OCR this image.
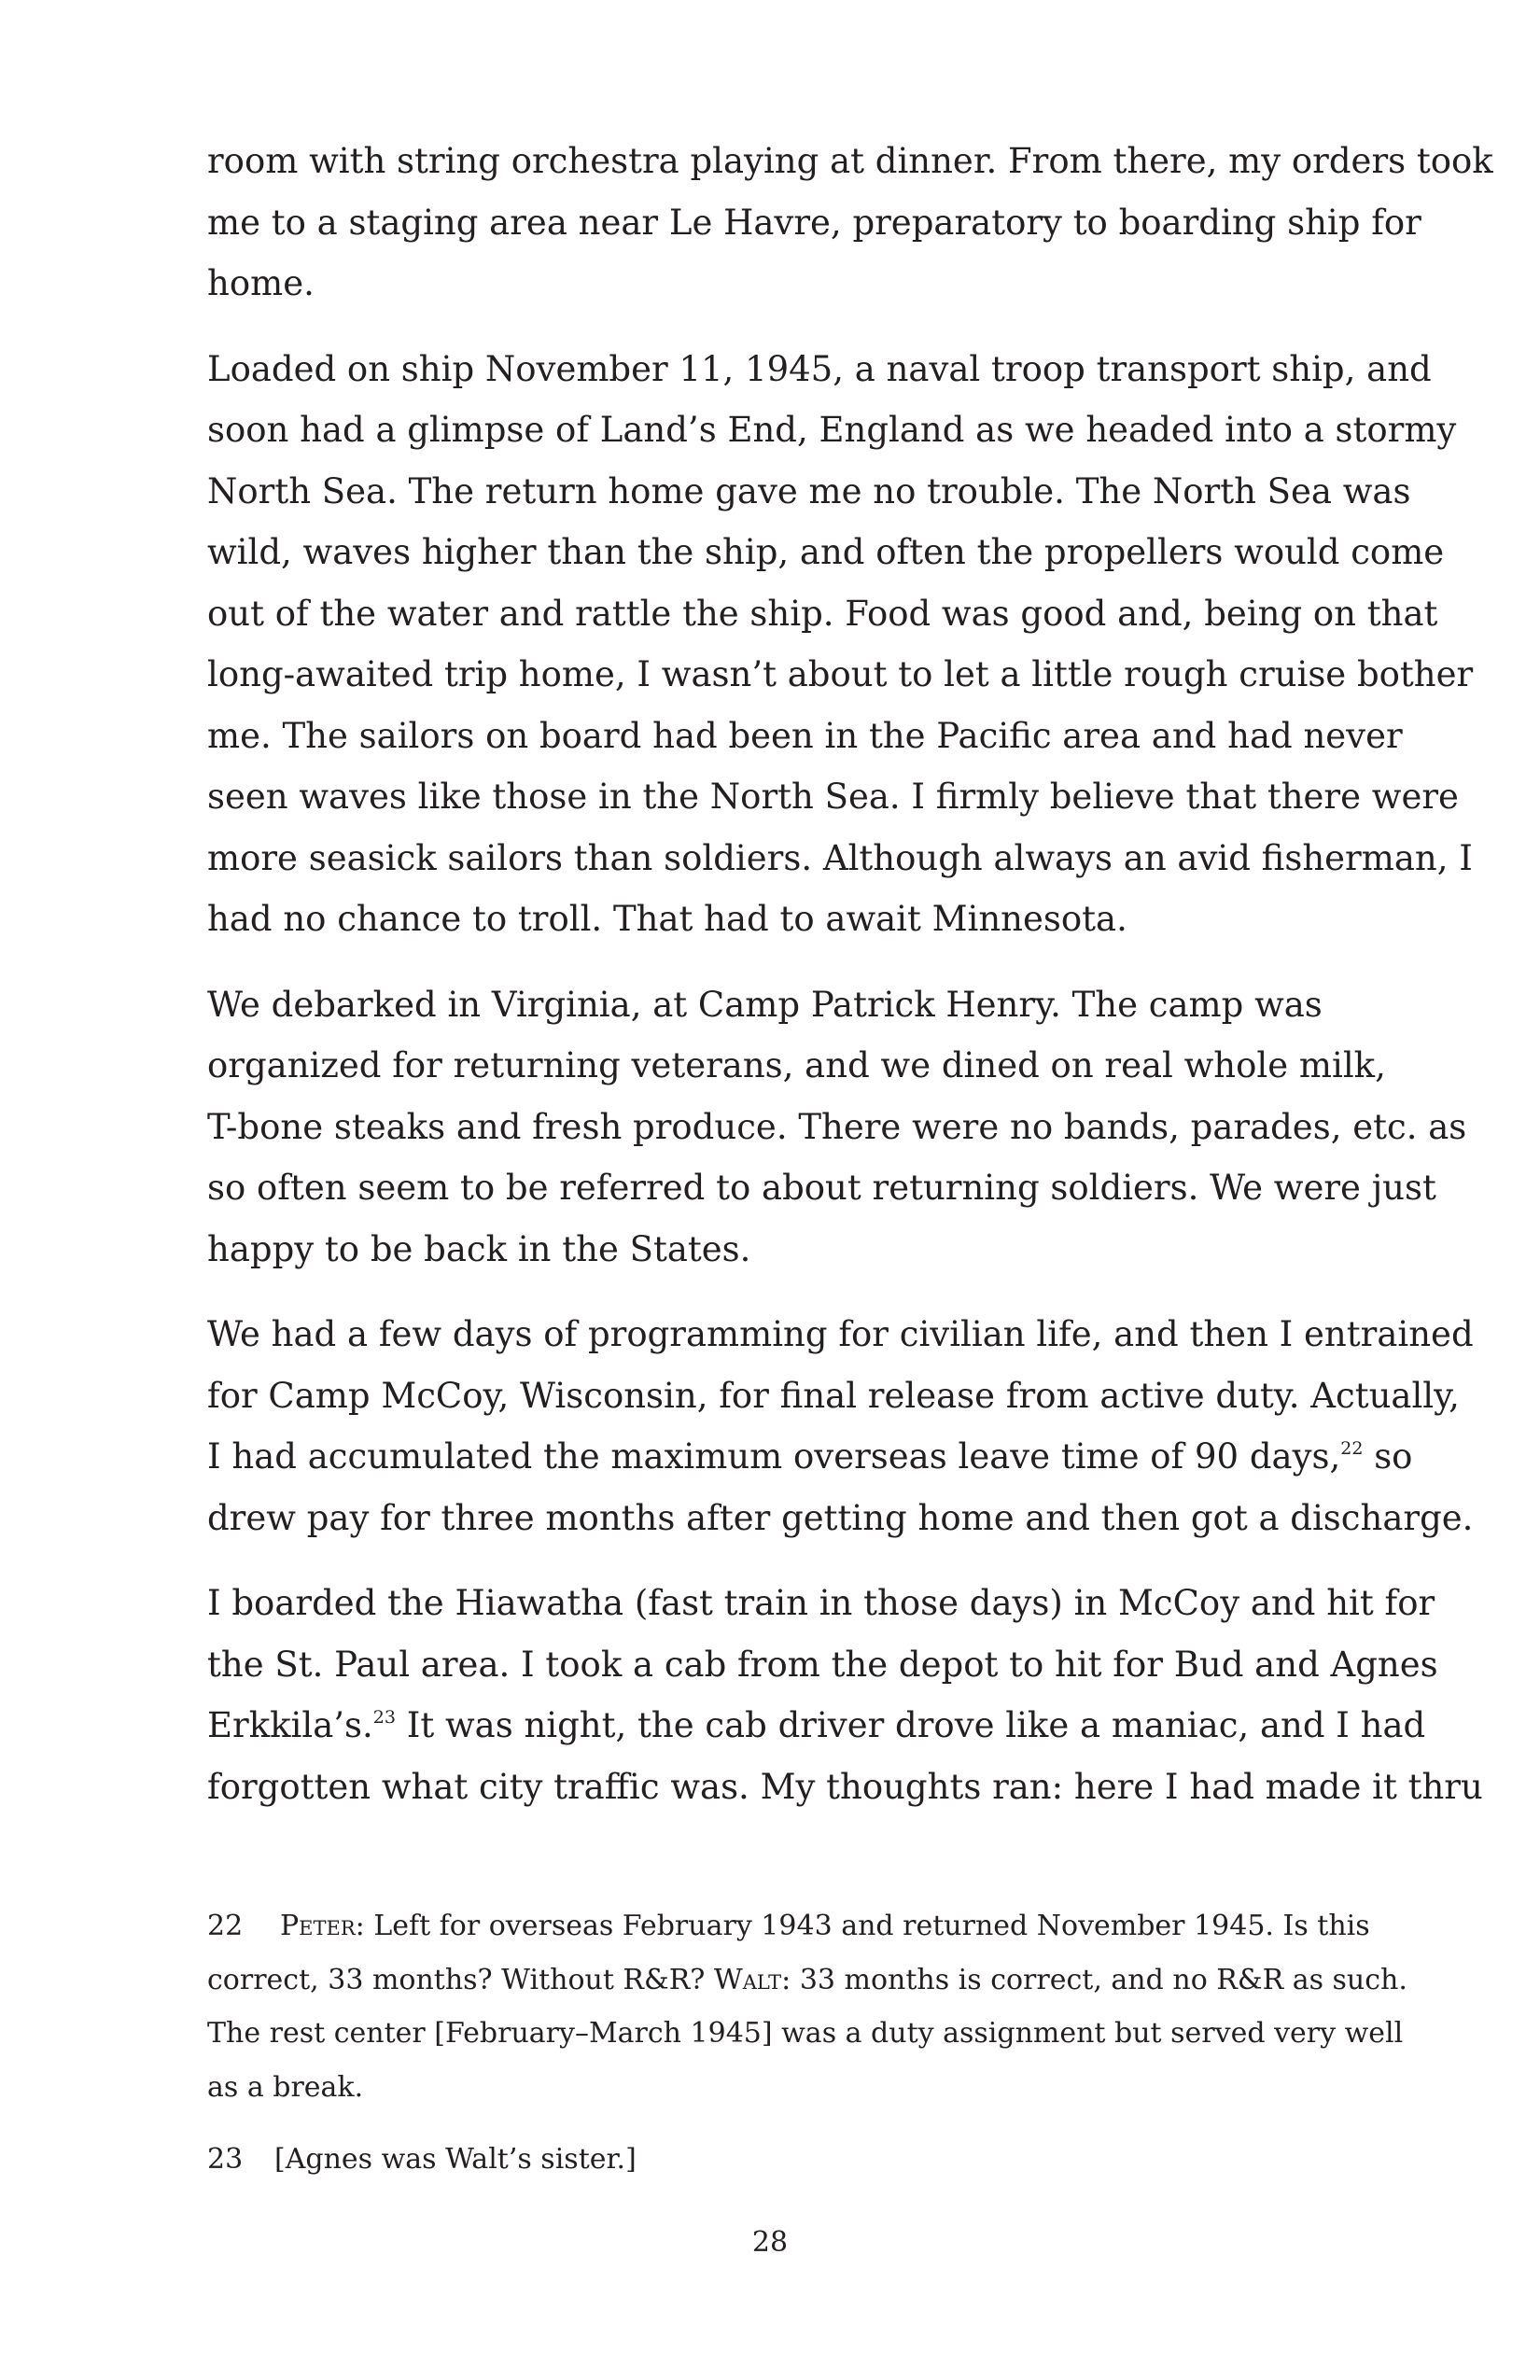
room with string orchestra playing at dinner. From there, my orders took
me to a staging area near Le Havre, preparatory to boarding ship for
home.

Loaded on ship November 11, 1945, a naval troop transport ship, and
soon had a glimpse of Land’s End, England as we headed into a stormy
North Sea. The return home gave me no trouble. The North Sea was
wild, waves higher than the ship, and often the propellers would come
out of the water and rattle the ship. Food was good and, being on that
long-awaited trip home, I wasn’t about to let a little rough cruise bother
me. The sailors on board had been in the Pacific area and had never
seen waves like those in the North Sea. I firmly believe that there were
more seasick sailors than soldiers. Although always an avid fisherman, I
had no chance to troll. That had to await Minnesota.

We debarked in Virginia, at Camp Patrick Henry. The camp was
organized for returning veterans, and we dined on real whole milk,
T-bone steaks and fresh produce. There were no bands, parades, etc. as
so often seem to be referred to about returning soldiers. We were just
happy to be back in the States.

We had a few days of programming for civilian life, and then I entrained
for Camp McCoy, Wisconsin, for final release from active duty. Actually,
I had accumulated the maximum overseas leave time of 90 days,$^{22}$ so
drew pay for three months after getting home and then got a discharge.

I boarded the Hiawatha (fast train in those days) in McCoy and hit for
the St. Paul area. I took a cab from the depot to hit for Bud and Agnes
Erkkila’s.$^{23}$ It was night, the cab driver drove like a maniac, and I had
forgotten what city traffic was. My thoughts ran: here I had made it thru

22 Peter: Left for overseas February 1943 and returned November 1945. Is this
correct, 33 months? Without R&R? Walt: 33 months is correct, and no R&R as such.
The rest center [February–March 1945] was a duty assignment but served very well
as a break.
23 [Agnes was Walt’s sister.]
28
